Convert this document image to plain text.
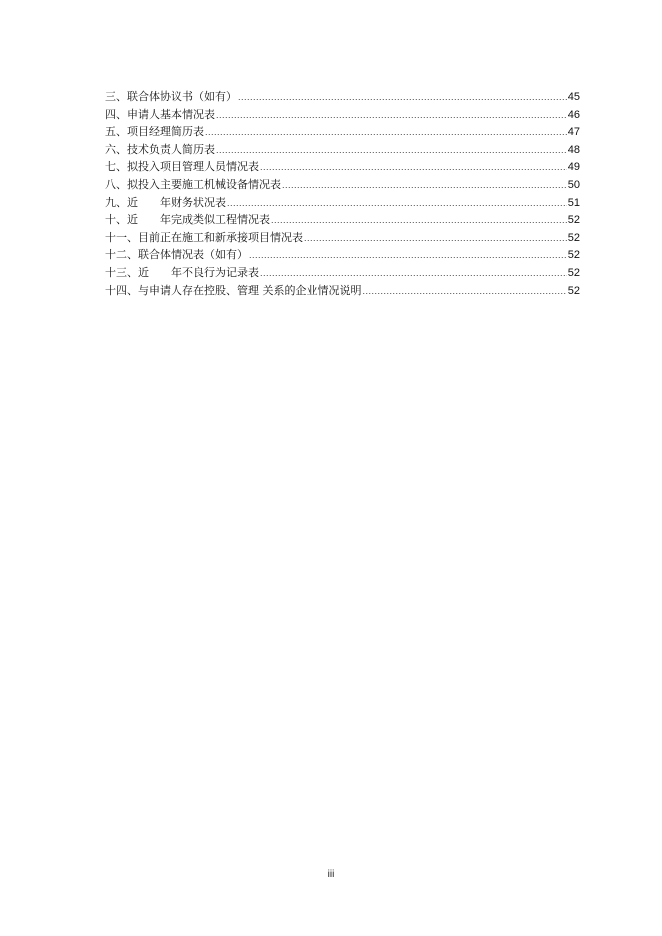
三、联合体协议书（如有） .....	45
四、申请人基本情况表 .....	46
五、项目经理简历表 .....	47
六、技术负责人简历表 .....	48
七、拟投入项目管理人员情况表 .....	49
八、拟投入主要施工机械设备情况表 .....	50
九、近　　年财务状况表 .....	51
十、近　　年完成类似工程情况表 .....	52
十一、目前正在施工和新承接项目情况表 .....	52
十二、联合体情况表（如有） .....	52
十三、近　　年不良行为记录表 .....	52
十四、与申请人存在控股、管理 关系的企业情况说明 .....	52
iii
